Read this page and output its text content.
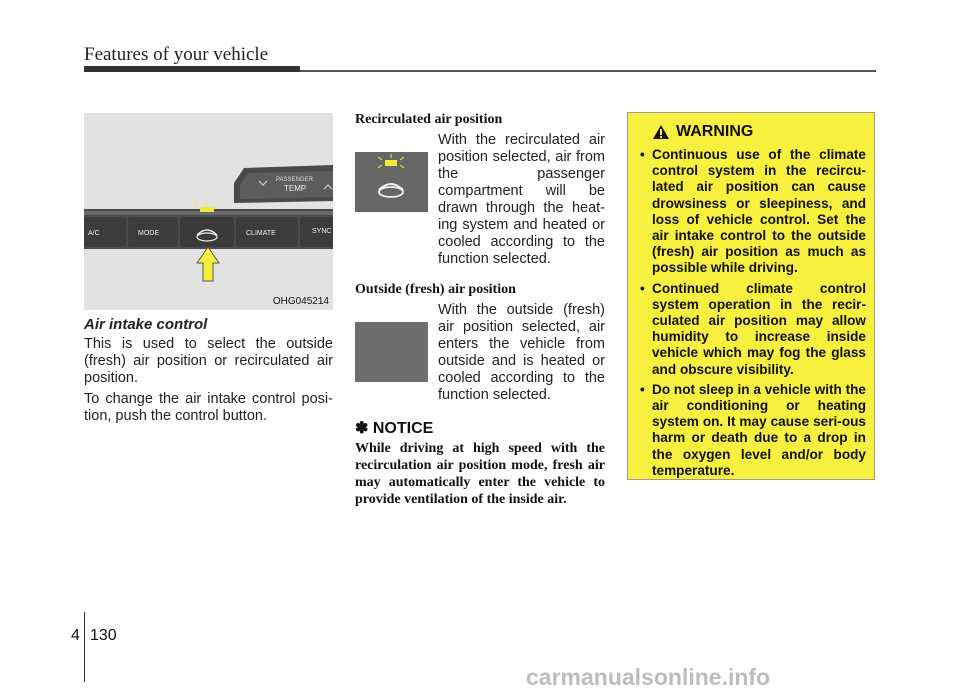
Features of your vehicle
PASSENGER
TEMP
A/C	MODE	CLIMATE	SYNC
OHG045214
Air intake control

This is used to select the outside (fresh) air position or recirculated air position.

To change the air intake control posi-tion, push the control button.

Recirculated air position
With the recirculated air position selected, air from the passenger compartment will be drawn through the heat-ing system and heated or cooled according to the function selected.
Outside (fresh) air position
With the outside (fresh) air position selected, air enters the vehicle from outside and is heated or cooled according to the function selected.
✽ NOTICE
While driving at high speed with the recirculation air position mode, fresh air may automatically enter the vehicle to provide ventilation of the inside air.
WARNING
• Continuous use of the climate control system in the recircu-lated air position can cause drowsiness or sleepiness, and loss of vehicle control. Set the air intake control to the outside (fresh) air position as much as possible while driving.
• Continued climate control system operation in the recir-culated air position may allow humidity to increase inside vehicle which may fog the glass and obscure visibility.
• Do not sleep in a vehicle with the air conditioning or heating system on. It may cause seri-ous harm or death due to a drop in the oxygen level and/or body temperature.
4 130
carmanualsonline.info
